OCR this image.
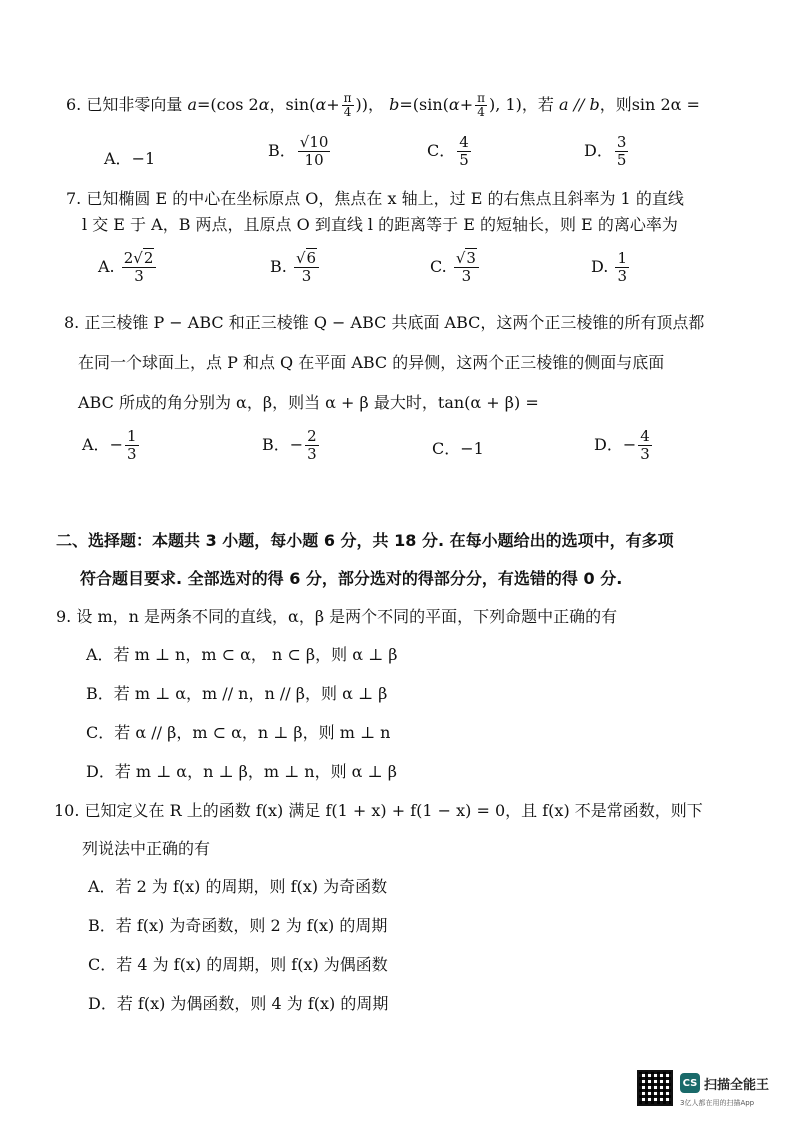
6. 已知非零向量 a=(cos 2α，$\sin(\alpha+ \frac{\pi}{4}$ ))， $b=(\sin(\alpha+ \frac{\pi}{4}$ ), 1)，若 a // b，则sin 2α =
A．−1	B． $\frac{√10}{10}$	C． $\frac{4}{5}$	D． $\frac{3}{5}$
7. 已知椭圆 E 的中心在坐标原点 O，焦点在 x 轴上，过 E 的右焦点且斜率为 1 的直线
l 交 E 于 A，B 两点，且原点 O 到直线 l 的距离等于 E 的短轴长，则 E 的离心率为
A. $\frac{2√2}{3}$	B. $\frac{√6}{3}$	C. $\frac{√3}{3}$	D. $\frac{1}{3}$
8. 正三棱锥 P − ABC 和正三棱锥 Q − ABC 共底面 ABC，这两个正三棱锥的所有顶点都
在同一个球面上，点 P 和点 Q 在平面 ABC 的异侧，这两个正三棱锥的侧面与底面
ABC 所成的角分别为 α，β，则当 α + β 最大时，tan(α + β) =
A．− $\frac{1}{3}$	B．− $\frac{2}{3}$	C．−1	D．− $\frac{4}{3}$
二、选择题：本题共 3 小题，每小题 6 分，共 18 分. 在每小题给出的选项中，有多项
符合题目要求. 全部选对的得 6 分，部分选对的得部分分，有选错的得 0 分.
9. 设 m，n 是两条不同的直线，α，β 是两个不同的平面，下列命题中正确的有
A．若 m ⊥ n，m ⊂ α， n ⊂ β，则 α ⊥ β
B．若 m ⊥ α，m // n，n // β，则 α ⊥ β
C．若 α // β，m ⊂ α，n ⊥ β，则 m ⊥ n
D．若 m ⊥ α，n ⊥ β，m ⊥ n，则 α ⊥ β
10. 已知定义在 R 上的函数 f(x) 满足 f(1 + x) + f(1 − x) = 0，且 f(x) 不是常函数，则下
列说法中正确的有
A．若 2 为 f(x) 的周期，则 f(x) 为奇函数
B．若 f(x) 为奇函数，则 2 为 f(x) 的周期
C．若 4 为 f(x) 的周期，则 f(x) 为偶函数
D．若 f(x) 为偶函数，则 4 为 f(x) 的周期
CS 扫描全能王
3亿人都在用的扫描App
